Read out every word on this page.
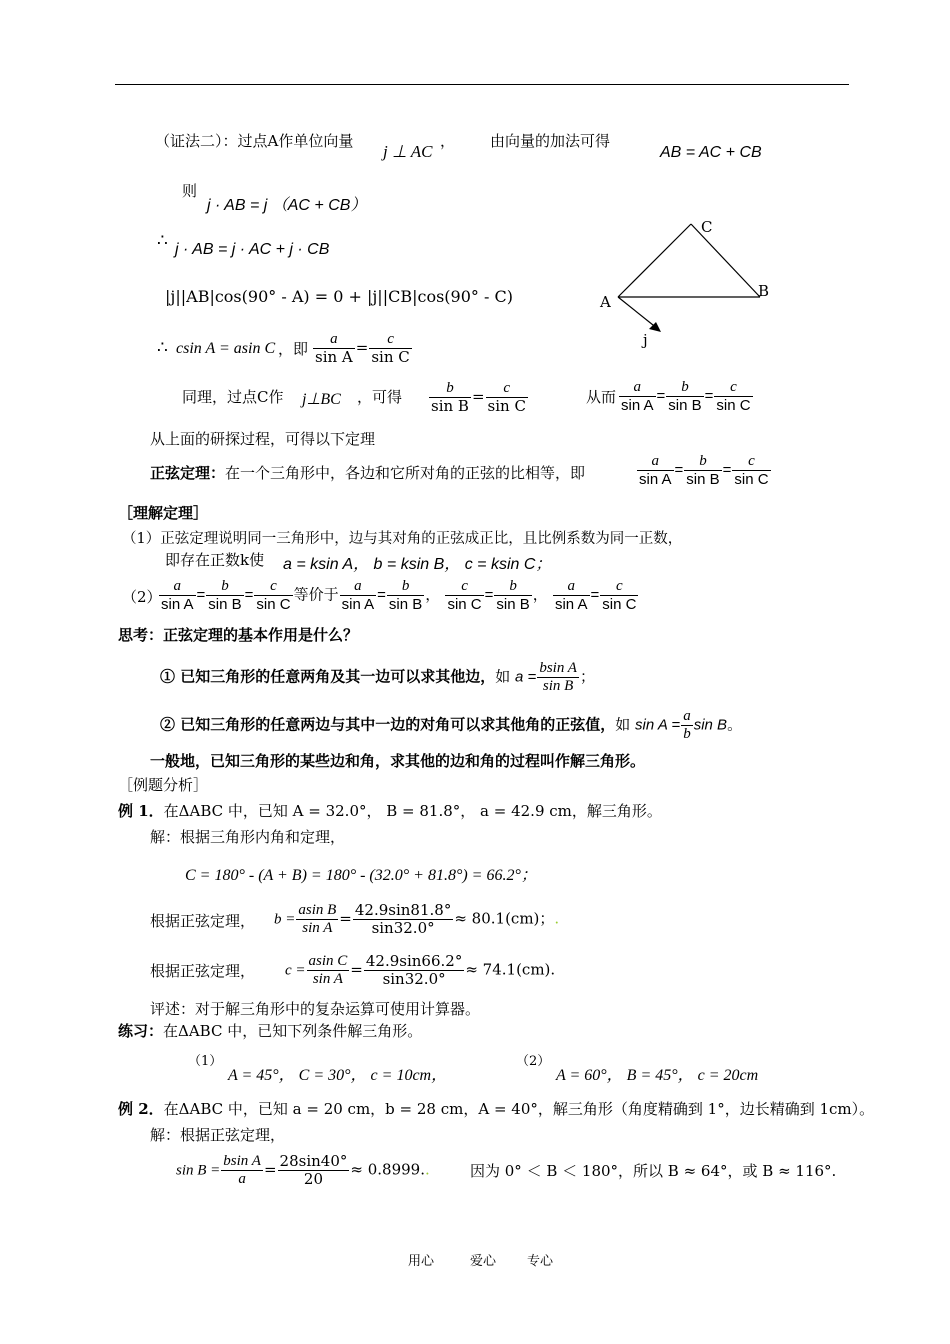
（证法二）：过点A作单位向量
j ⊥ AC
， 由向量的加法可得
AB = AC + CB
则
j · AB = j （AC + CB）
∴ j · AB = j · AC + j · CB
|j||AB|cos(90° - A) = 0 + |j||CB|cos(90° - C)
∴ csin A = asin C ，即 $\frac{a}{\text{sin A}} = \frac{c}{\text{sin C}}$
同理，过点C作 j⊥BC ，可得 $\frac{b}{\text{sin B}} = \frac{c}{\text{sin C}}$	从而 $\frac{a}{\text{sin A}} = \frac{b}{\text{sin B}} = \frac{c}{\text{sin C}}$
从上面的研探过程，可得以下定理
C
B
A
j
正弦定理：在一个三角形中，各边和它所对角的正弦的比相等，即	$\frac{a}{\text{sin A}} = \frac{b}{\text{sin B}} = \frac{c}{\text{sin C}}$
［理解定理］
（1）正弦定理说明同一三角形中，边与其对角的正弦成正比，且比例系数为同一正数，
即存在正数k使 a = ksin A， b = ksin B， c = ksin C；
（2）
$\frac{a}{\text{sin A}} = \frac{b}{\text{sin B}} = \frac{c}{\text{sin C}}$ 等价于 $\frac{a}{\text{sin A}} = \frac{b}{\text{sin B}}$ ， $\frac{c}{\text{sin C}} = \frac{b}{\text{sin B}}$ ， $\frac{a}{\text{sin A}} = \frac{c}{\text{sin C}}$
思考：正弦定理的基本作用是什么？
① 已知三角形的任意两角及其一边可以求其他边，如 $a = \frac{\text{bsin A}}{\text{sin B}}$ ；
② 已知三角形的任意两边与其中一边的对角可以求其他角的正弦值，如 $\sin A = \frac{a}{b}$ sin B。
一般地，已知三角形的某些边和角，求其他的边和角的过程叫作解三角形。
［例题分析］
例 1．在ΔABC 中，已知 A = 32.0°， B = 81.8°， a = 42.9 cm，解三角形。
解：根据三角形内角和定理，
C = 180° - (A + B) = 180° - (32.0° + 81.8°) = 66.2°；
根据正弦定理， $b = \frac{\text{asin B}}{\text{sin A}} = \frac{42.9\sin 81.8^\circ}{\sin 32.0^\circ} \approx 80.1(cm)$；.
根据正弦定理， $c = \frac{\text{asin C}}{\text{sin A}} = \frac{42.9\sin 66.2^\circ}{\sin 32.0^\circ} \approx 74.1(cm)$.
评述：对于解三角形中的复杂运算可使用计算器。
练习：在ΔABC 中，已知下列条件解三角形。
（1）
A = 45°， C = 30°， c = 10cm，
（2）
A = 60°， B = 45°， c = 20cm
例 2．在ΔABC 中，已知 a = 20 cm，b = 28 cm，A = 40°，解三角形（角度精确到 1°，边长精确到 1cm）。
解：根据正弦定理，
$\sin B = \frac{\text{bsin A}}{a} = \frac{28\sin 40^\circ}{20} \approx 0.8999$..	因为 0° ＜ B ＜ 180°，所以 B ≈ 64°，或 B ≈ 116°.
用心	爱心 专心
